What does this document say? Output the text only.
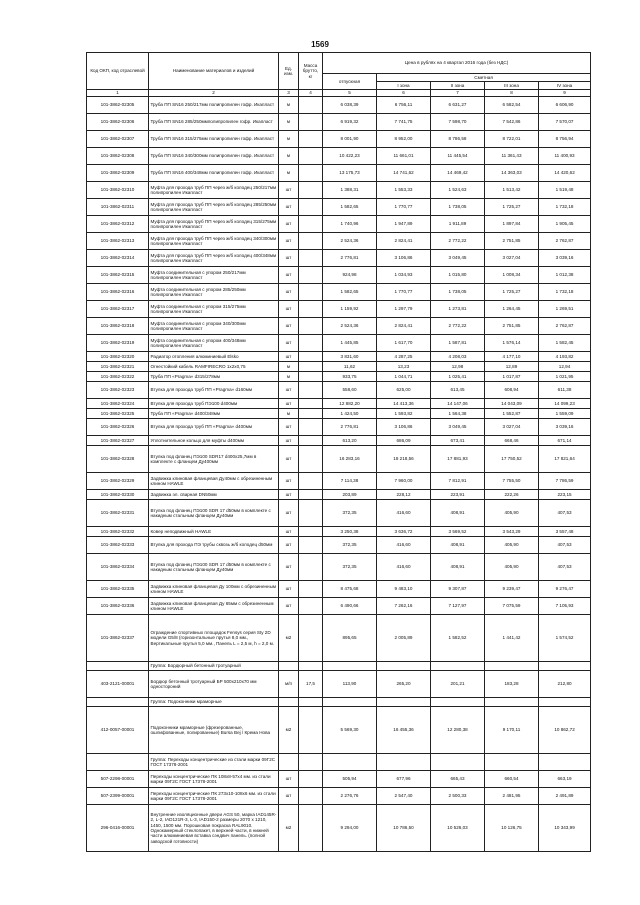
1569
Код ОКП, код отраслевой	Наименование материалов и изделий	Ед. изм.	Масса брутто, кг	Цена в рублях на 4 квартал 2016 года (без НДС)				
				отпускная	Сметная			
					I зона	II зона	III зона	IV зона
1	2	3	4	5	6	7	8	9
101-3862-02305	Труба ПП SN16 250/217мм полипропилен гофр. Икапласт	м		6 038,39	6 756,11	6 631,27	6 582,54	6 606,90
101-3862-02306	Труба ПП SN16 285/250ммполипропилен гофр. Икапласт	м		6 919,32	7 741,75	7 598,70	7 542,86	7 570,07
101-3862-02307	Труба ПП SN16 315/275мм полипропилен гофр. Икапласт	м		8 001,90	8 952,00	8 786,58	8 722,01	8 756,94
101-3862-02308	Труба ПП SN16 340/300мм полипропилен гофр. Икапласт	м		10 422,23	11 661,01	11 445,54	11 361,43	11 400,93
101-3862-02309	Труба ПП SN16 400/348мм полипропилен гофр. Икапласт	м		13 175,73	14 741,62	14 469,42	14 363,03	14 420,62
101-3862-02310	Муфта для прохода труб ПП через ж/б колодец 250/217мм полипропилен Икапласт	шт		1 388,31	1 553,33	1 524,63	1 513,42	1 519,48
101-3862-02311	Муфта для прохода труб ПП через ж/б колодец 285/250мм полипропилен Икапласт	шт		1 582,65	1 770,77	1 738,05	1 725,27	1 732,18
101-3862-02312	Муфта для прохода труб ПП через ж/б колодец 315/275мм полипропилен Икапласт	шт		1 740,96	1 947,89	1 911,89	1 897,84	1 905,45
101-3862-02313	Муфта для прохода труб ПП через ж/б колодец 340/300мм полипропилен Икапласт	шт		2 524,36	2 824,41	2 772,22	2 751,85	2 762,87
101-3862-02314	Муфта для прохода труб ПП через ж/б колодец 400/348мм полипропилен Икапласт	шт		2 776,81	3 106,86	3 049,45	3 027,04	3 039,16
101-3862-02315	Муфта соединительная с упором 250/217мм полипропилен Икапласт	шт		924,98	1 034,93	1 015,80	1 008,34	1 012,38
101-3862-02316	Муфта соединительная с упором 285/250мм полипропилен Икапласт	шт		1 582,65	1 770,77	1 738,05	1 725,27	1 732,18
101-3862-02317	Муфта соединительная с упором 315/275мм полипропилен Икапласт	шт		1 159,92	1 297,79	1 273,81	1 264,45	1 269,51
101-3862-02318	Муфта соединительная с упором 340/300мм полипропилен Икапласт	шт		2 524,36	2 824,41	2 772,22	2 751,85	2 762,87
101-3862-02319	Муфта соединительная с упором 400/348мм полипропилен Икапласт	шт		1 445,85	1 617,70	1 587,81	1 576,14	1 582,45
101-3862-02320	Радиатор отопления алюминиевый Elsko	шт		3 831,60	4 287,25	4 208,03	4 177,10	4 193,82
101-3862-02321	Огнестойкий кабель RAMFIRECRO 1x2x0,75	м		11,62	13,23	12,98	12,89	12,94
101-3862-02322	Труба ПП «Pragma» d315/278мм	м		933,75	1 044,71	1 025,41	1 017,87	1 021,95
101-3862-02323	Втулка для прохода труб ПП «Pragma» d160мм	шт		558,60	625,00	613,45	608,94	611,38
101-3862-02324	Втулка для прохода труб ПЭ100 d400мм	шт		12 882,20	14 413,36	14 147,06	14 043,09	14 099,23
101-3862-02325	Труба ПП «Pragma» d400/348мм	м		1 424,50	1 593,82	1 564,38	1 552,87	1 559,09
101-3862-02326	Втулка для прохода труб ПП «Pragma» d400мм	шт		2 776,81	3 106,86	3 049,45	3 027,04	3 039,16
101-3862-02327	Уплотнительное кольцо для муфты d400мм	шт		613,20	686,09	673,41	668,46	671,14
101-3862-02328	Втулка под фланец ПЭ100 SDR17 d400x25,7мм в комплекте с фланцем Ду400мм	шт		16 283,16	18 218,56	17 881,93	17 750,52	17 821,64
101-3862-02329	Задвижка клиновая фланцевая Ду40мм с обрезиненным клином HAWLE	шт		7 114,38	7 960,00	7 812,91	7 755,50	7 786,59
101-3862-02330	Задвижка эл. сварная DN50мм	шт		203,89	228,12	223,91	222,26	223,15
101-3862-02331	Втулка под фланец ПЭ100 SDR 17 d50мм в комплекте с накидным стальным фланцем Ду40мм	шт		372,35	416,60	408,91	405,90	407,53
101-3862-02332	Ковер неподвижный HAWLE	шт		3 250,38	3 636,72	3 569,52	3 543,29	3 557,48
101-3862-02333	Втулка для прохода ПЭ трубы сквозь ж/б колодец d50мм	шт		372,35	416,60	408,91	405,90	407,53
101-3862-02334	Втулка под фланец ПЭ100 SDR 17 d50мм в комплекте с накидным стальным фланцем Ду40мм	шт		372,35	416,60	408,91	405,90	407,53
101-3862-02335	Задвижка клиновая фланцевая Ду 100мм с обрезиненным клином HAWLE	шт		8 475,68	9 483,10	9 307,87	9 239,47	9 276,47
101-3862-02336	Задвижка клиновая фланцевая Ду 65мм с обрезиненным клином HAWLE	шт		6 490,66	7 262,16	7 127,97	7 075,59	7 105,93
101-3862-02337	Ограждение спортивных площадок Fensys серия Sty 2D модели G5/8 (горизонтальные прутья 8,0 мм., Вертикальные прутья 5,0 мм., Панель L = 2,5 м, h = 2,0 м.	м2		895,65	2 005,89	1 582,52	1 441,42	1 574,52
	Группа: Бордюрный бетонный тротуарный							
403-2121-00001	Бордюр бетонный тротуарный БР 500x210x70 мм одностороний	м/п	17,5	113,90	265,20	201,21	183,28	212,80
	Группа: Подоконники мраморные							
412-0057-00001	Подоконники мраморные (фрезерованные, ошлифованные, полированные) Bursa Bej / Крема Нова	м2		5 569,30	16 455,36	12 280,38	9 170,11	10 862,72
	Группа: Переходы концентрические из стали марки 09Г2С ГОСТ 17378-2001							
507-2298-00001	Переходы концентрические ПК 108x8-57x4 мм. из стали марки 09Г2С ГОСТ 17378-2001	шт		505,94	677,96	665,43	660,54	663,19
507-2399-00001	Переходы концентрические ПК 273x10-108x6 мм. из стали марки 09Г2С ГОСТ 17378-2001	шт		2 276,76	2 547,40	2 500,33	2 481,95	2 491,89
296-0416-00001	Внутренние изоляционные двери AGS 50, марка IAD145R-2, L-2, IAD121R-3, L-3, IAD150-2 размеры 2070 x 1210, 1450, 1500 мм. Порошковая покраска RAL9010. Однокамерный стеклопакет, в верхней части, в нижней части алюминиевая вставка сэндвич панель. (полной заводской готовности)	м2		9 294,00	10 786,50	10 526,03	10 126,75	10 343,99
